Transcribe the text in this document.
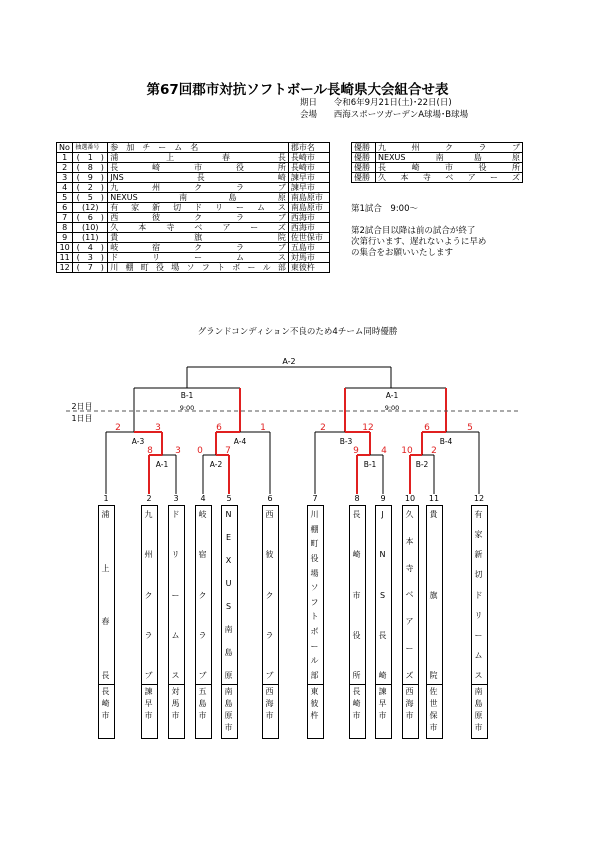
第67回郡市対抗ソフトボール長崎県大会組合せ表
期日 令和6年9月21日(土)･22日(日)
会場 西海スポーツガーデンA球場･B球場
No	抽選番号	参　加　チ　ー　ム　名	郡市名
1	(　1　)	浦上春長	長崎市
2	(　8　)	長崎市役所	長崎市
3	(　9　)	JNS長崎	諫早市
4	(　2　)	九州クラブ	諫早市
5	(　5　)	NEXUS南島原	南島原市
6	(12)	有家新切ドリームス	南島原市
7	(　6　)	西彼クラブ	西海市
8	(10)	久本寺ベアーズ	西海市
9	(11)	貴旗院	佐世保市
10	(　4　)	岐宿クラブ	五島市
11	(　3　)	ドリームス	対馬市
12	(　7　)	川棚町役場ソフトボール部	東彼杵
優勝	九州クラブ
優勝	NEXUS南島原
優勝	長崎市役所
優勝	久本寺ベアーズ
第1試合　9:00～
第2試合目以降は前の試合が終了
次第行います、遅れないように早め
の集合をお願いいたします
グランドコンディション不良のため4チーム同時優勝
A-2
B-1
9:00
A-1
9:00
2日目
1日目
A-3	A-4	B-3	B-4
A-1	A-2	B-1	B-2
2	3
8 3 0 7
6	1	2	12
9 4 10 2
6	5
1
浦
上
春
長
長
崎
市
2
九
州
ク
ラ
ブ
諫
早
市
3
ド
リ
ー
ム
ス
対
馬
市
4
岐
宿
ク
ラ
ブ
五
島
市
5
N
E
X
U
S
南
島
原
南
島
原
市
6
西
彼
ク
ラ
ブ
西
海
市
7
川
棚
町
役
場
ソ
フ
ト
ボ
ー
ル
部
東
彼
杵
8
長
崎
市
役
所
長
崎
市
9
J
N
S
長
崎
諫
早
市
10
久
本
寺
ベ
ア
ー
ズ
西
海
市
11
貴
旗
院
佐
世
保
市
12
有
家
新
切
ド
リ
ー
ム
ス
南
島
原
市
